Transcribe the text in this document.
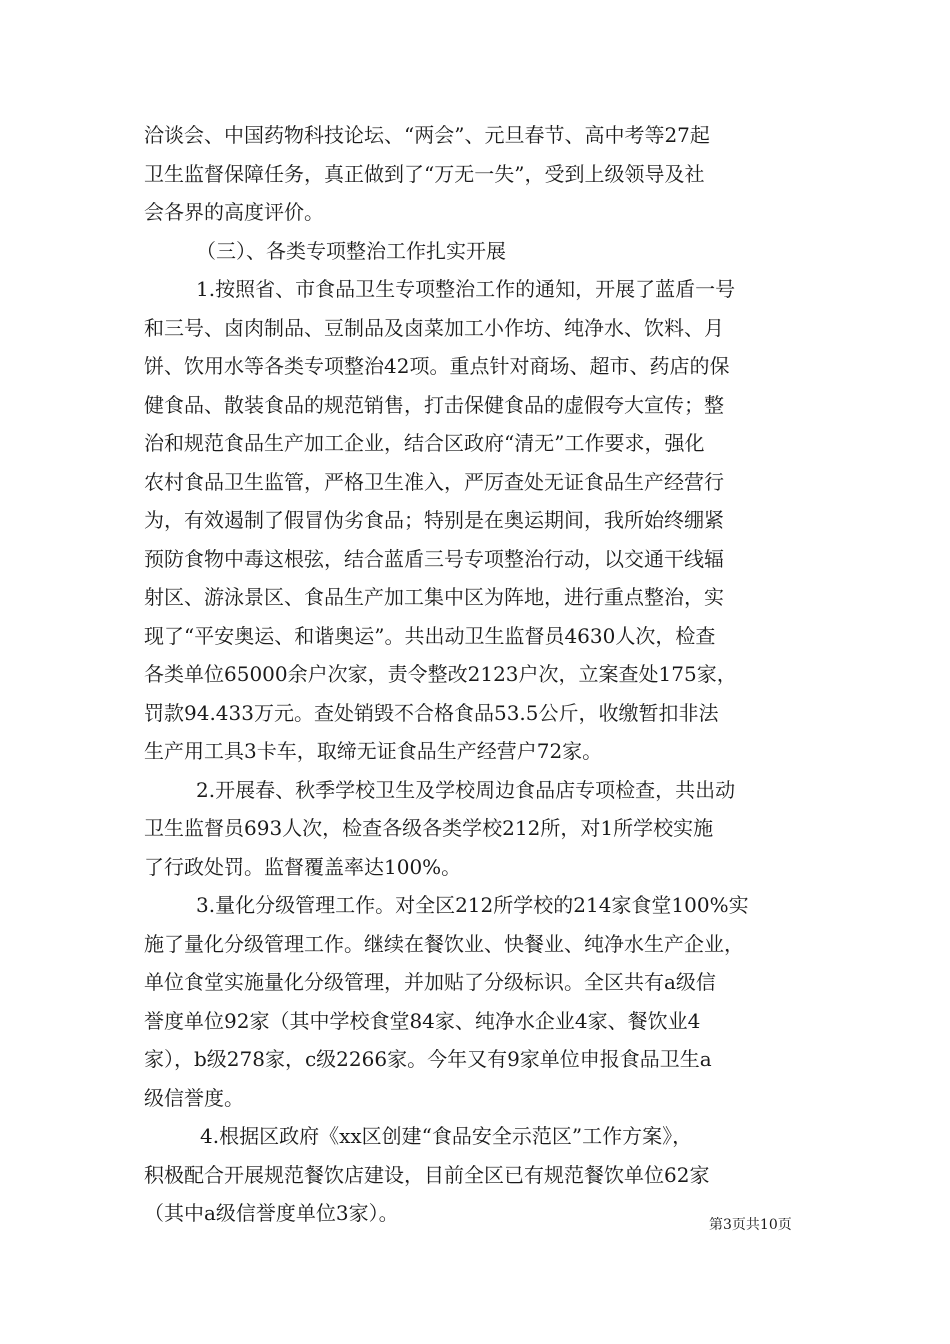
洽谈会、中国药物科技论坛、“两会”、元旦春节、高中考等27起
卫生监督保障任务，真正做到了“万无一失”，受到上级领导及社
会各界的高度评价。
（三）、各类专项整治工作扎实开展
1.按照省、市食品卫生专项整治工作的通知，开展了蓝盾一号
和三号、卤肉制品、豆制品及卤菜加工小作坊、纯净水、饮料、月
饼、饮用水等各类专项整治42项。重点针对商场、超市、药店的保
健食品、散装食品的规范销售，打击保健食品的虚假夸大宣传；整
治和规范食品生产加工企业，结合区政府“清无”工作要求，强化
农村食品卫生监管，严格卫生准入，严厉查处无证食品生产经营行
为，有效遏制了假冒伪劣食品；特别是在奥运期间，我所始终绷紧
预防食物中毒这根弦，结合蓝盾三号专项整治行动，以交通干线辐
射区、游泳景区、食品生产加工集中区为阵地，进行重点整治，实
现了“平安奥运、和谐奥运”。共出动卫生监督员4630人次，检查
各类单位65000余户次家，责令整改2123户次，立案查处175家，
罚款94.433万元。查处销毁不合格食品53.5公斤，收缴暂扣非法
生产用工具3卡车，取缔无证食品生产经营户72家。
2.开展春、秋季学校卫生及学校周边食品店专项检查，共出动
卫生监督员693人次，检查各级各类学校212所，对1所学校实施
了行政处罚。监督覆盖率达100%。
3.量化分级管理工作。对全区212所学校的214家食堂100%实
施了量化分级管理工作。继续在餐饮业、快餐业、纯净水生产企业，
单位食堂实施量化分级管理，并加贴了分级标识。全区共有a级信
誉度单位92家（其中学校食堂84家、纯净水企业4家、餐饮业4
家），b级278家，c级2266家。今年又有9家单位申报食品卫生a
级信誉度。
4.根据区政府《xx区创建“食品安全示范区”工作方案》，
积极配合开展规范餐饮店建设，目前全区已有规范餐饮单位62家
（其中a级信誉度单位3家）。	第3页共10页
